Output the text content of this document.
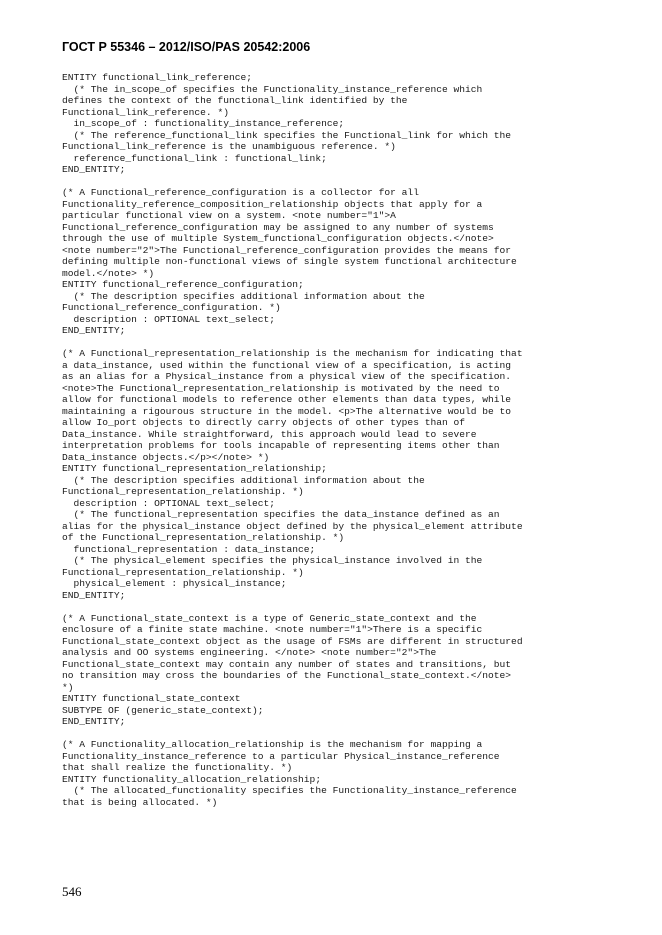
ГОСТ Р 55346 – 2012/ISO/PAS 20542:2006
ENTITY functional_link_reference;
(* The in_scope_of specifies the Functionality_instance_reference which
defines the context of the functional_link identified by the
Functional_link_reference. *)
in_scope_of : functionality_instance_reference;
(* The reference_functional_link specifies the Functional_link for which the
Functional_link_reference is the unambiguous reference. *)
reference_functional_link : functional_link;
END_ENTITY;
(* A Functional_reference_configuration is a collector for all
Functionality_reference_composition_relationship objects that apply for a
particular functional view on a system. <note number="1">A
Functional_reference_configuration may be assigned to any number of systems
through the use of multiple System_functional_configuration objects.</note>
<note number="2">The Functional_reference_configuration provides the means for
defining multiple non-functional views of single system functional architecture
model.</note> *)
ENTITY functional_reference_configuration;
(* The description specifies additional information about the
Functional_reference_configuration. *)
description : OPTIONAL text_select;
END_ENTITY;
(* A Functional_representation_relationship is the mechanism for indicating that
a data_instance, used within the functional view of a specification, is acting
as an alias for a Physical_instance from a physical view of the specification.
<note>The Functional_representation_relationship is motivated by the need to
allow for functional models to reference other elements than data types, while
maintaining a rigourous structure in the model. <p>The alternative would be to
allow Io_port objects to directly carry objects of other types than of
Data_instance. While straightforward, this approach would lead to severe
interpretation problems for tools incapable of representing items other than
Data_instance objects.</p></note> *)
ENTITY functional_representation_relationship;
(* The description specifies additional information about the
Functional_representation_relationship. *)
description : OPTIONAL text_select;
(* The functional_representation specifies the data_instance defined as an
alias for the physical_instance object defined by the physical_element attribute
of the Functional_representation_relationship. *)
functional_representation : data_instance;
(* The physical_element specifies the physical_instance involved in the
Functional_representation_relationship. *)
physical_element : physical_instance;
END_ENTITY;
(* A Functional_state_context is a type of Generic_state_context and the
enclosure of a finite state machine. <note number="1">There is a specific
Functional_state_context object as the usage of FSMs are different in structured
analysis and OO systems engineering. </note> <note number="2">The
Functional_state_context may contain any number of states and transitions, but
no transition may cross the boundaries of the Functional_state_context.</note>
*)
ENTITY functional_state_context
SUBTYPE OF (generic_state_context);
END_ENTITY;
(* A Functionality_allocation_relationship is the mechanism for mapping a
Functionality_instance_reference to a particular Physical_instance_reference
that shall realize the functionality. *)
ENTITY functionality_allocation_relationship;
(* The allocated_functionality specifies the Functionality_instance_reference
that is being allocated. *)
546
